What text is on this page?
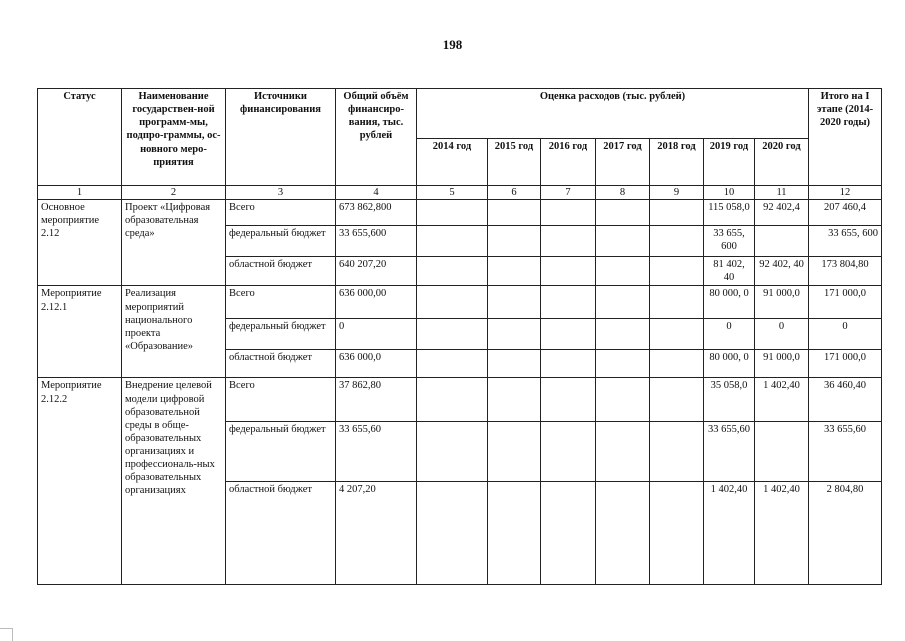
198
Статус	Наименование государствен-ной программ-мы, подпро-граммы, ос-новного меро-приятия	Источники финансирования	Общий объём финансиро-вания, тыс. рублей	Оценка расходов (тыс. рублей)							Итого на I этапе (2014-2020 годы)
				2014 год	2015 год	2016 год	2017 год	2018 год	2019 год	2020 год	
1	2	3	4	5	6	7	8	9	10	11	12
Основное мероприятие 2.12	Проект «Цифровая образовательная среда»	Всего	673 862,800						115 058,0	92 402,4	207 460,4
		федеральный бюджет	33 655,600						33 655, 600		33 655, 600
		областной бюджет	640 207,20						81 402, 40	92 402, 40	173 804,80
Мероприятие 2.12.1	Реализация мероприятий национального проекта «Образование»	Всего	636 000,00						80 000, 0	91 000,0	171 000,0
		федеральный бюджет	0						0	0	0
		областной бюджет	636 000,0						80 000, 0	91 000,0	171 000,0
Мероприятие 2.12.2	Внедрение целевой модели цифровой образовательной среды в обще-образовательных организациях и профессиональ-ных образовательных организациях	Всего	37 862,80						35 058,0	1 402,40	36 460,40
		федеральный бюджет	33 655,60						33 655,60		33 655,60
		областной бюджет	4 207,20						1 402,40	1 402,40	2 804,80
